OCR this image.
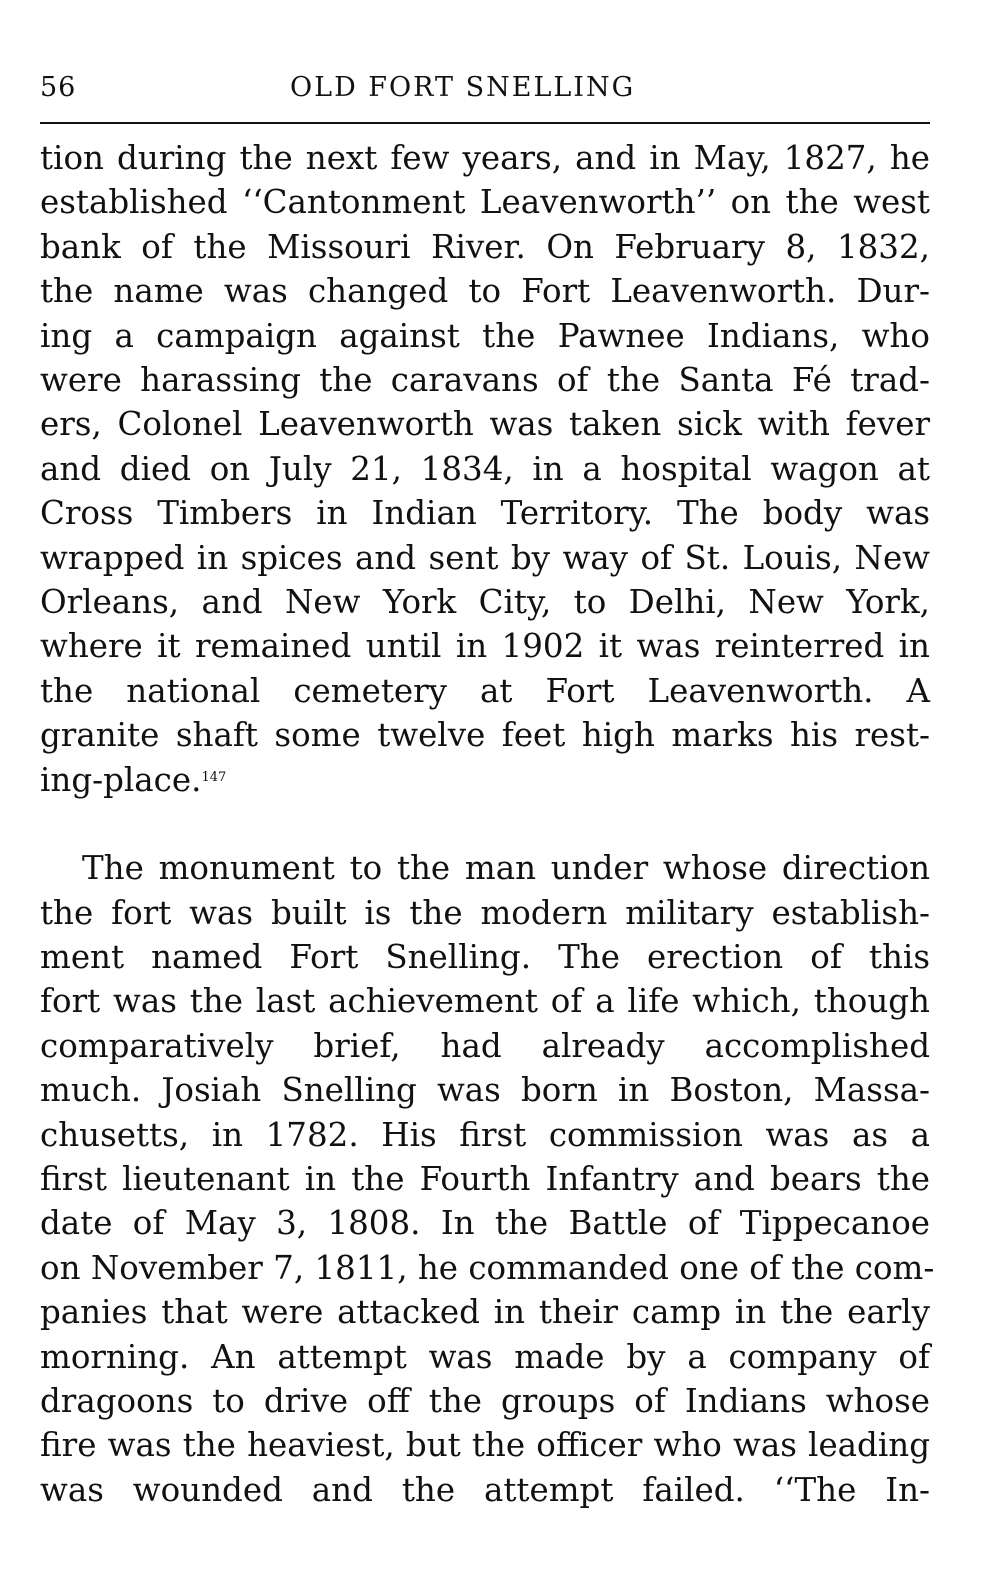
56	OLD FORT SNELLING
tion during the next few years, and in May, 1827, he
established ‘‘Cantonment Leavenworth’’ on the west
bank of the Missouri River. On February 8, 1832,
the name was changed to Fort Leavenworth. Dur-
ing a campaign against the Pawnee Indians, who
were harassing the caravans of the Santa Fé trad-
ers, Colonel Leavenworth was taken sick with fever
and died on July 21, 1834, in a hospital wagon at
Cross Timbers in Indian Territory. The body was
wrapped in spices and sent by way of St. Louis, New
Orleans, and New York City, to Delhi, New York,
where it remained until in 1902 it was reinterred in
the national cemetery at Fort Leavenworth. A
granite shaft some twelve feet high marks his rest-
ing-place.$^{147}$
The monument to the man under whose direction
the fort was built is the modern military establish-
ment named Fort Snelling. The erection of this
fort was the last achievement of a life which, though
comparatively brief, had already accomplished
much. Josiah Snelling was born in Boston, Massa-
chusetts, in 1782. His first commission was as a
first lieutenant in the Fourth Infantry and bears the
date of May 3, 1808. In the Battle of Tippecanoe
on November 7, 1811, he commanded one of the com-
panies that were attacked in their camp in the early
morning. An attempt was made by a company of
dragoons to drive off the groups of Indians whose
fire was the heaviest, but the officer who was leading
was wounded and the attempt failed. ‘‘The In-
